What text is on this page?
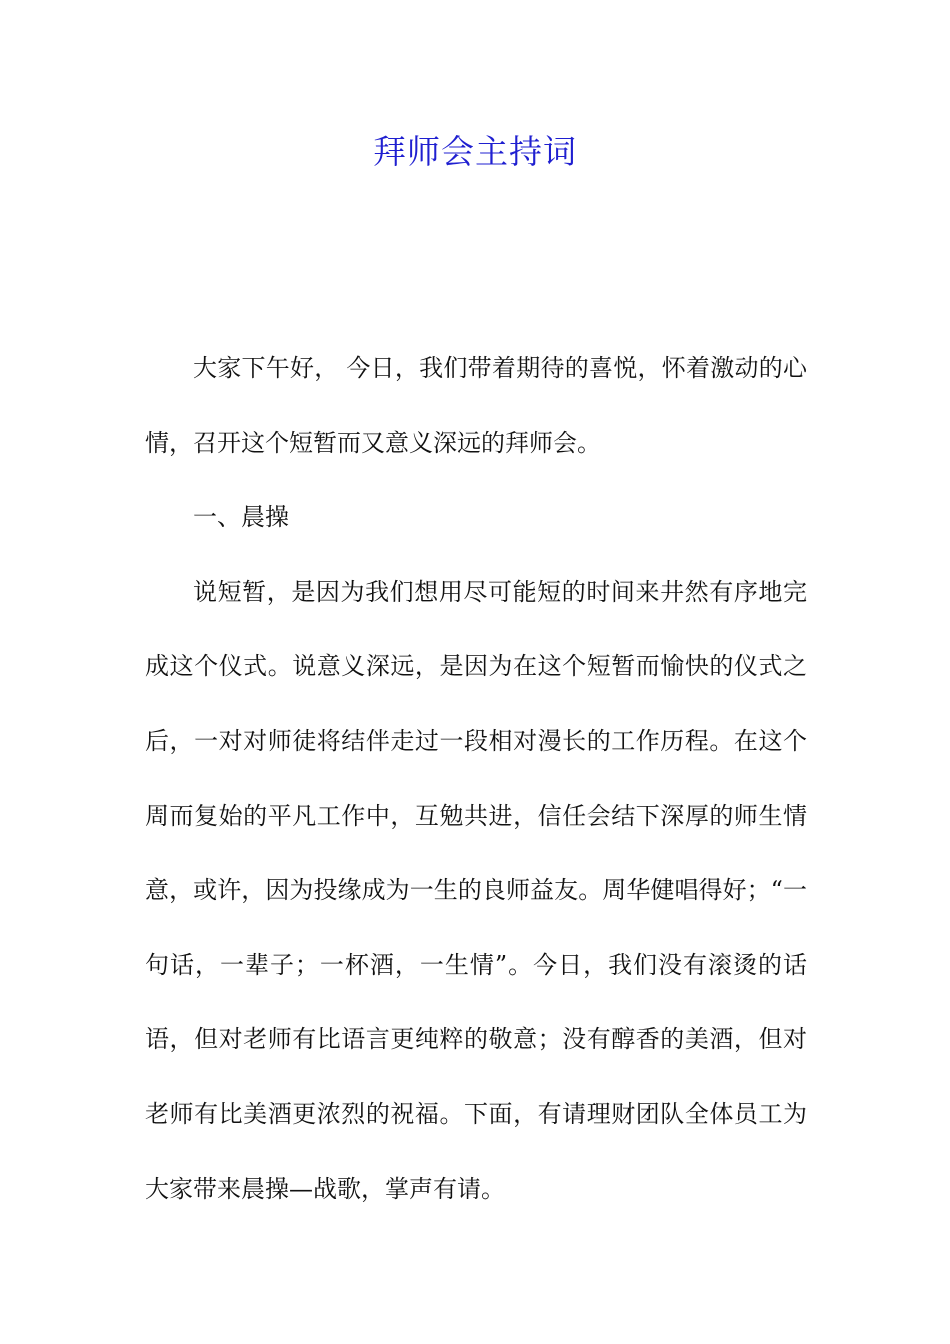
拜师会主持词

大家下午好， 今日，我们带着期待的喜悦，怀着激动的心情，召开这个短暂而又意义深远的拜师会。

一、晨操

说短暂，是因为我们想用尽可能短的时间来井然有序地完成这个仪式。说意义深远，是因为在这个短暂而愉快的仪式之后，一对对师徒将结伴走过一段相对漫长的工作历程。在这个周而复始的平凡工作中，互勉共进，信任会结下深厚的师生情意，或许，因为投缘成为一生的良师益友。周华健唱得好；“一句话，一辈子；一杯酒，一生情”。今日，我们没有滚烫的话语，但对老师有比语言更纯粹的敬意；没有醇香的美酒，但对老师有比美酒更浓烈的祝福。下面，有请理财团队全体员工为大家带来晨操—战歌，掌声有请。
